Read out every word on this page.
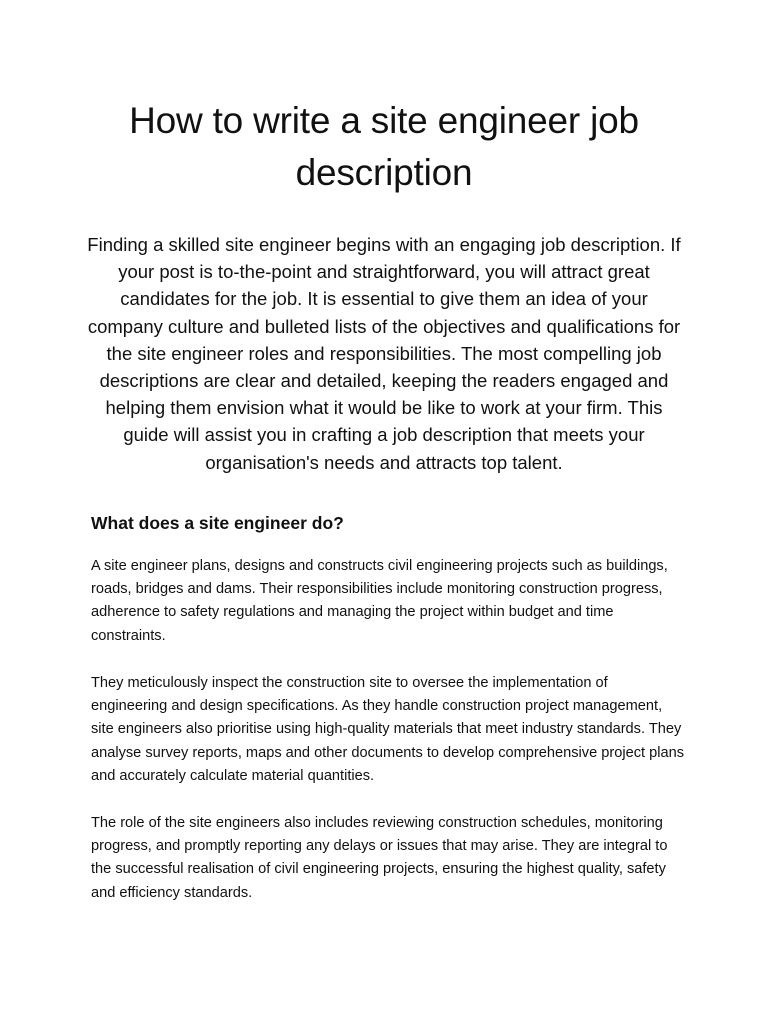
How to write a site engineer job description

Finding a skilled site engineer begins with an engaging job description. If your post is to-the-point and straightforward, you will attract great candidates for the job. It is essential to give them an idea of your company culture and bulleted lists of the objectives and qualifications for the site engineer roles and responsibilities. The most compelling job descriptions are clear and detailed, keeping the readers engaged and helping them envision what it would be like to work at your firm. This guide will assist you in crafting a job description that meets your organisation's needs and attracts top talent.

What does a site engineer do?

A site engineer plans, designs and constructs civil engineering projects such as buildings, roads, bridges and dams. Their responsibilities include monitoring construction progress, adherence to safety regulations and managing the project within budget and time constraints.

They meticulously inspect the construction site to oversee the implementation of engineering and design specifications. As they handle construction project management, site engineers also prioritise using high-quality materials that meet industry standards. They analyse survey reports, maps and other documents to develop comprehensive project plans and accurately calculate material quantities.

The role of the site engineers also includes reviewing construction schedules, monitoring progress, and promptly reporting any delays or issues that may arise. They are integral to the successful realisation of civil engineering projects, ensuring the highest quality, safety and efficiency standards.
